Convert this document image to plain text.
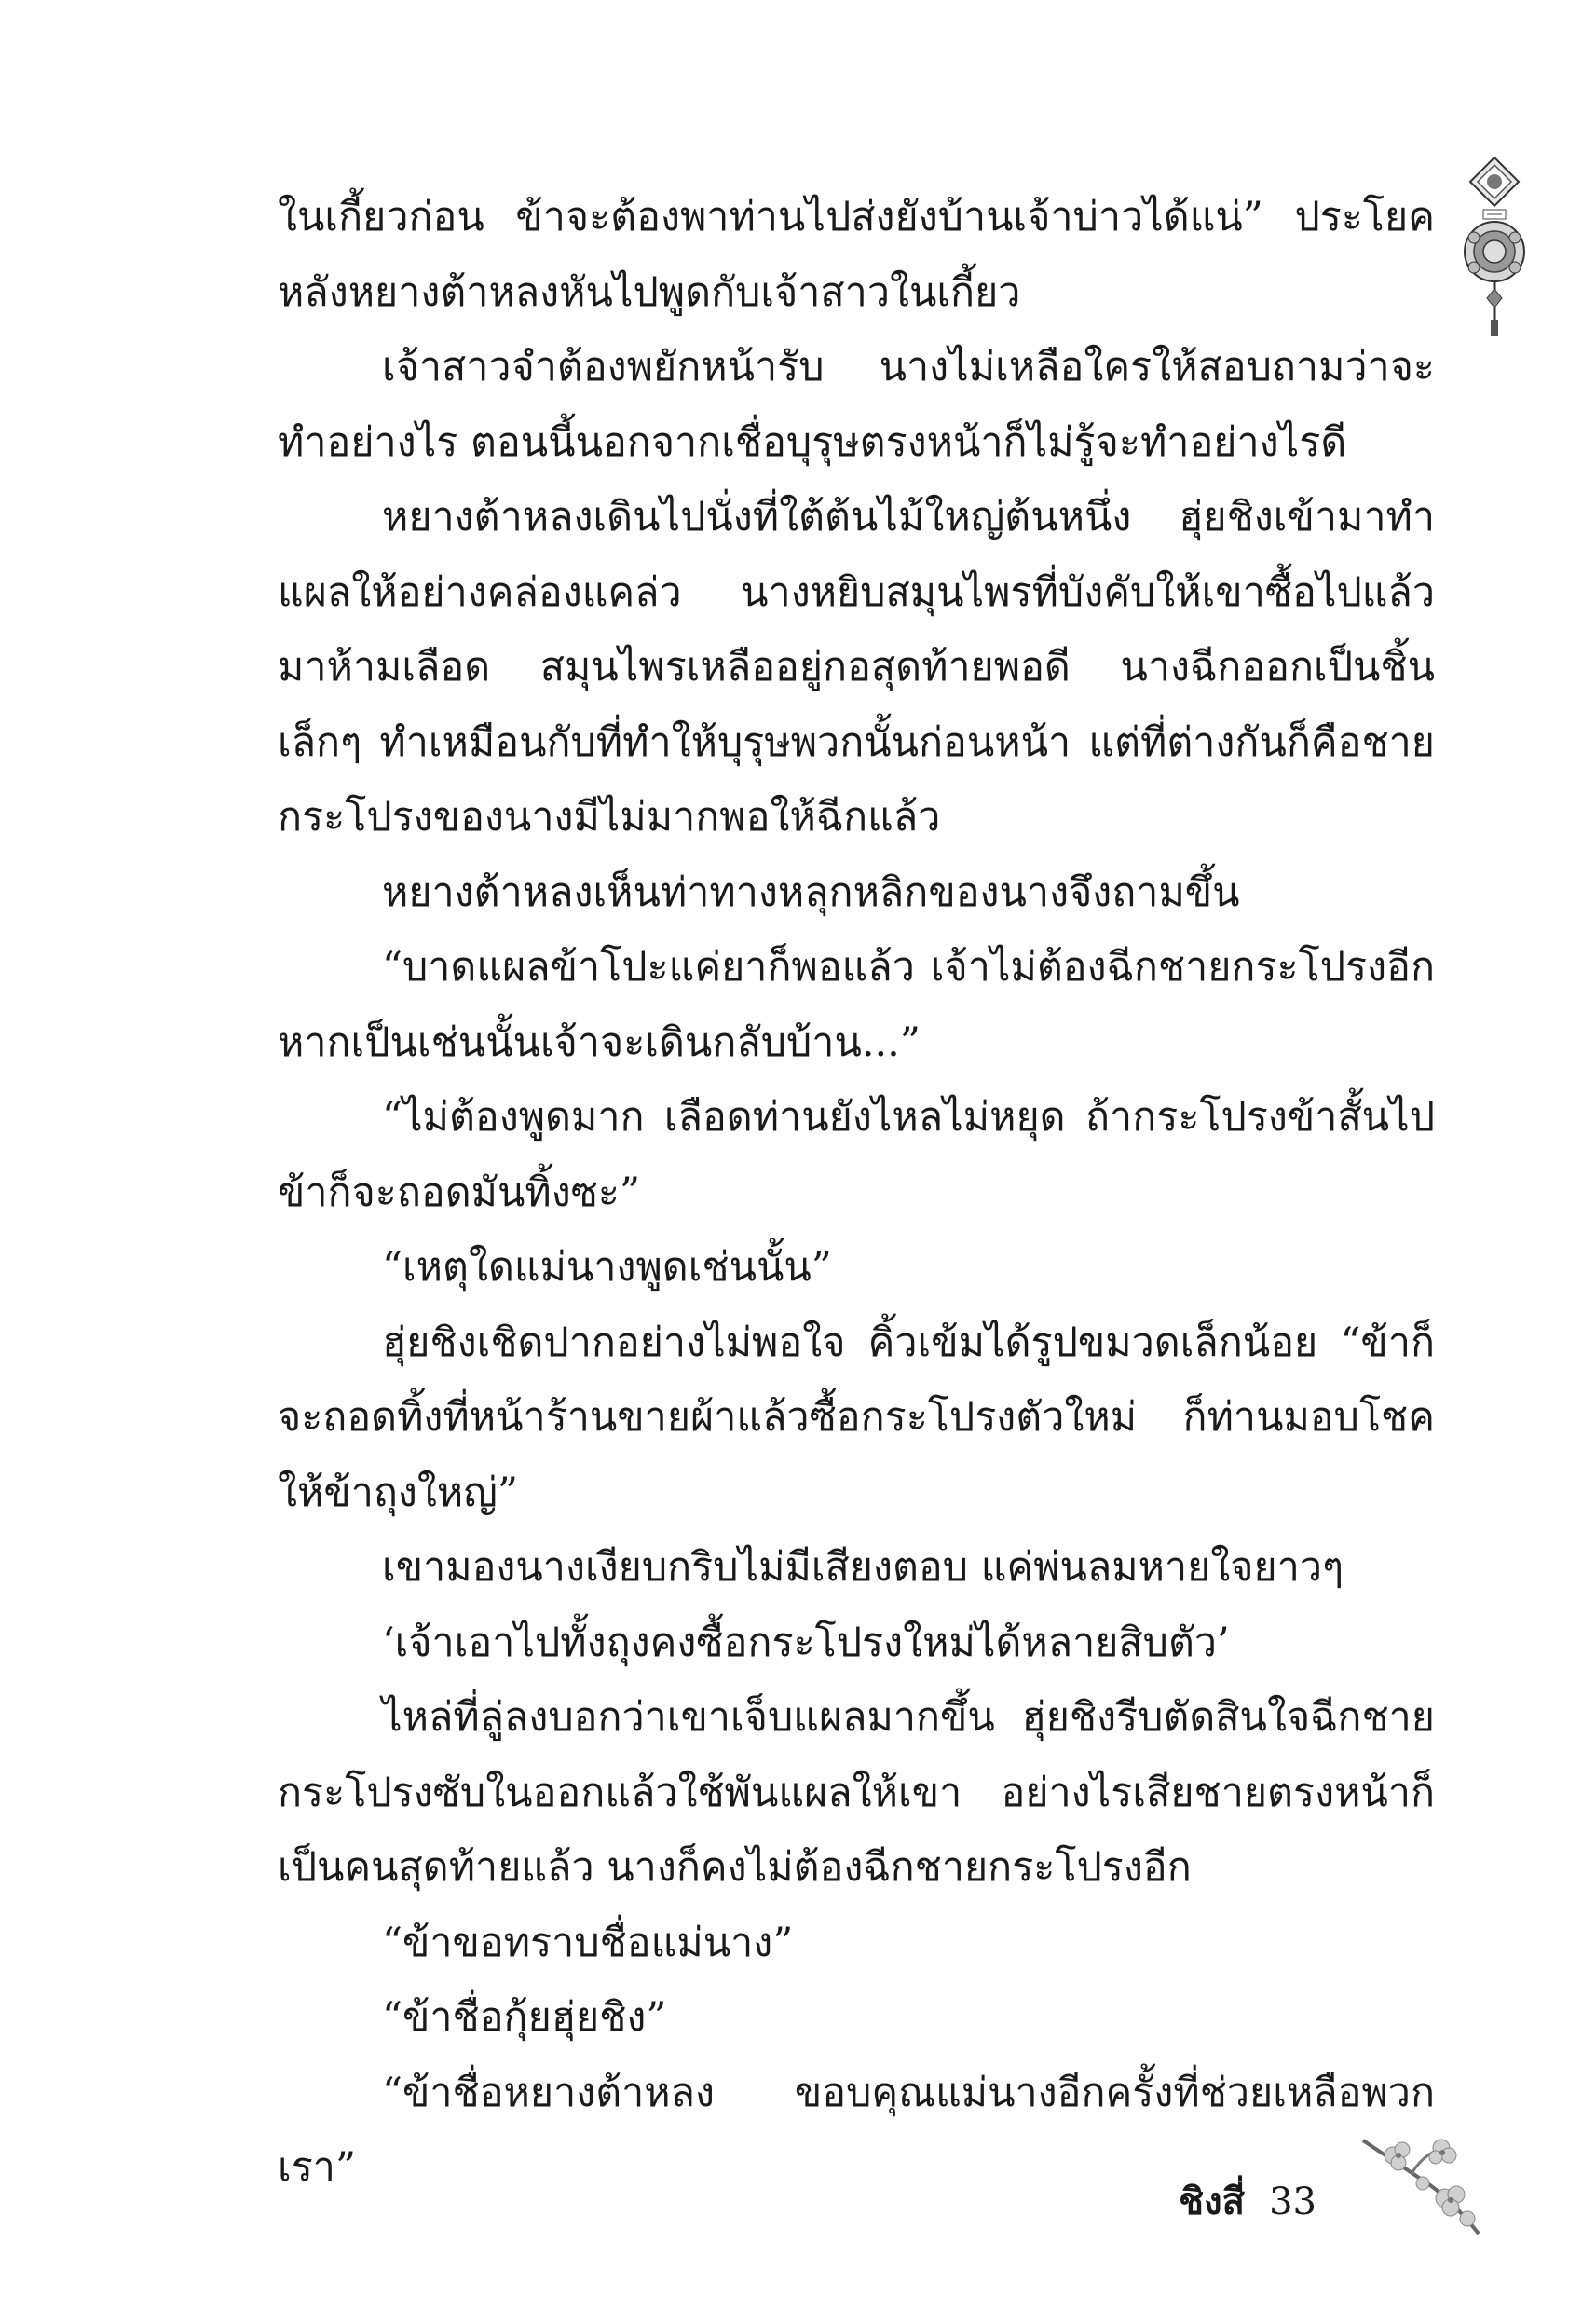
ในเกี้ยวก่อน ข้าจะต้องพาท่านไปส่งยังบ้านเจ้าบ่าวได้แน่” ประโยคหลังหยางต้าหลงหันไปพูดกับเจ้าสาวในเกี้ยว

เจ้าสาวจำต้องพยักหน้ารับ นางไม่เหลือใครให้สอบถามว่าจะทำอย่างไร ตอนนี้นอกจากเชื่อบุรุษตรงหน้าก็ไม่รู้จะทำอย่างไรดี

หยางต้าหลงเดินไปนั่งที่ใต้ต้นไม้ใหญ่ต้นหนึ่ง ฮุ่ยชิงเข้ามาทำแผลให้อย่างคล่องแคล่ว นางหยิบสมุนไพรที่บังคับให้เขาซื้อไปแล้วมาห้ามเลือด สมุนไพรเหลืออยู่กอสุดท้ายพอดี นางฉีกออกเป็นชิ้นเล็กๆ ทำเหมือนกับที่ทำให้บุรุษพวกนั้นก่อนหน้า แต่ที่ต่างกันก็คือชายกระโปรงของนางมีไม่มากพอให้ฉีกแล้ว

หยางต้าหลงเห็นท่าทางหลุกหลิกของนางจึงถามขึ้น

“บาดแผลข้าโปะแค่ยาก็พอแล้ว เจ้าไม่ต้องฉีกชายกระโปรงอีก หากเป็นเช่นนั้นเจ้าจะเดินกลับบ้าน...”

“ไม่ต้องพูดมาก เลือดท่านยังไหลไม่หยุด ถ้ากระโปรงข้าสั้นไปข้าก็จะถอดมันทิ้งซะ”

“เหตุใดแม่นางพูดเช่นนั้น”

ฮุ่ยชิงเชิดปากอย่างไม่พอใจ คิ้วเข้มได้รูปขมวดเล็กน้อย “ข้าก็จะถอดทิ้งที่หน้าร้านขายผ้าแล้วซื้อกระโปรงตัวใหม่ ก็ท่านมอบโชคให้ข้าถุงใหญ่”

เขามองนางเงียบกริบไม่มีเสียงตอบ แค่พ่นลมหายใจยาวๆ

‘เจ้าเอาไปทั้งถุงคงซื้อกระโปรงใหม่ได้หลายสิบตัว’

ไหล่ที่ลู่ลงบอกว่าเขาเจ็บแผลมากขึ้น ฮุ่ยชิงรีบตัดสินใจฉีกชายกระโปรงซับในออกแล้วใช้พันแผลให้เขา อย่างไรเสียชายตรงหน้าก็เป็นคนสุดท้ายแล้ว นางก็คงไม่ต้องฉีกชายกระโปรงอีก

“ข้าขอทราบชื่อแม่นาง”

“ข้าชื่อกุ้ยฮุ่ยชิง”

“ข้าชื่อหยางต้าหลง ขอบคุณแม่นางอีกครั้งที่ช่วยเหลือพวกเรา”

ชิงสี่ 33
